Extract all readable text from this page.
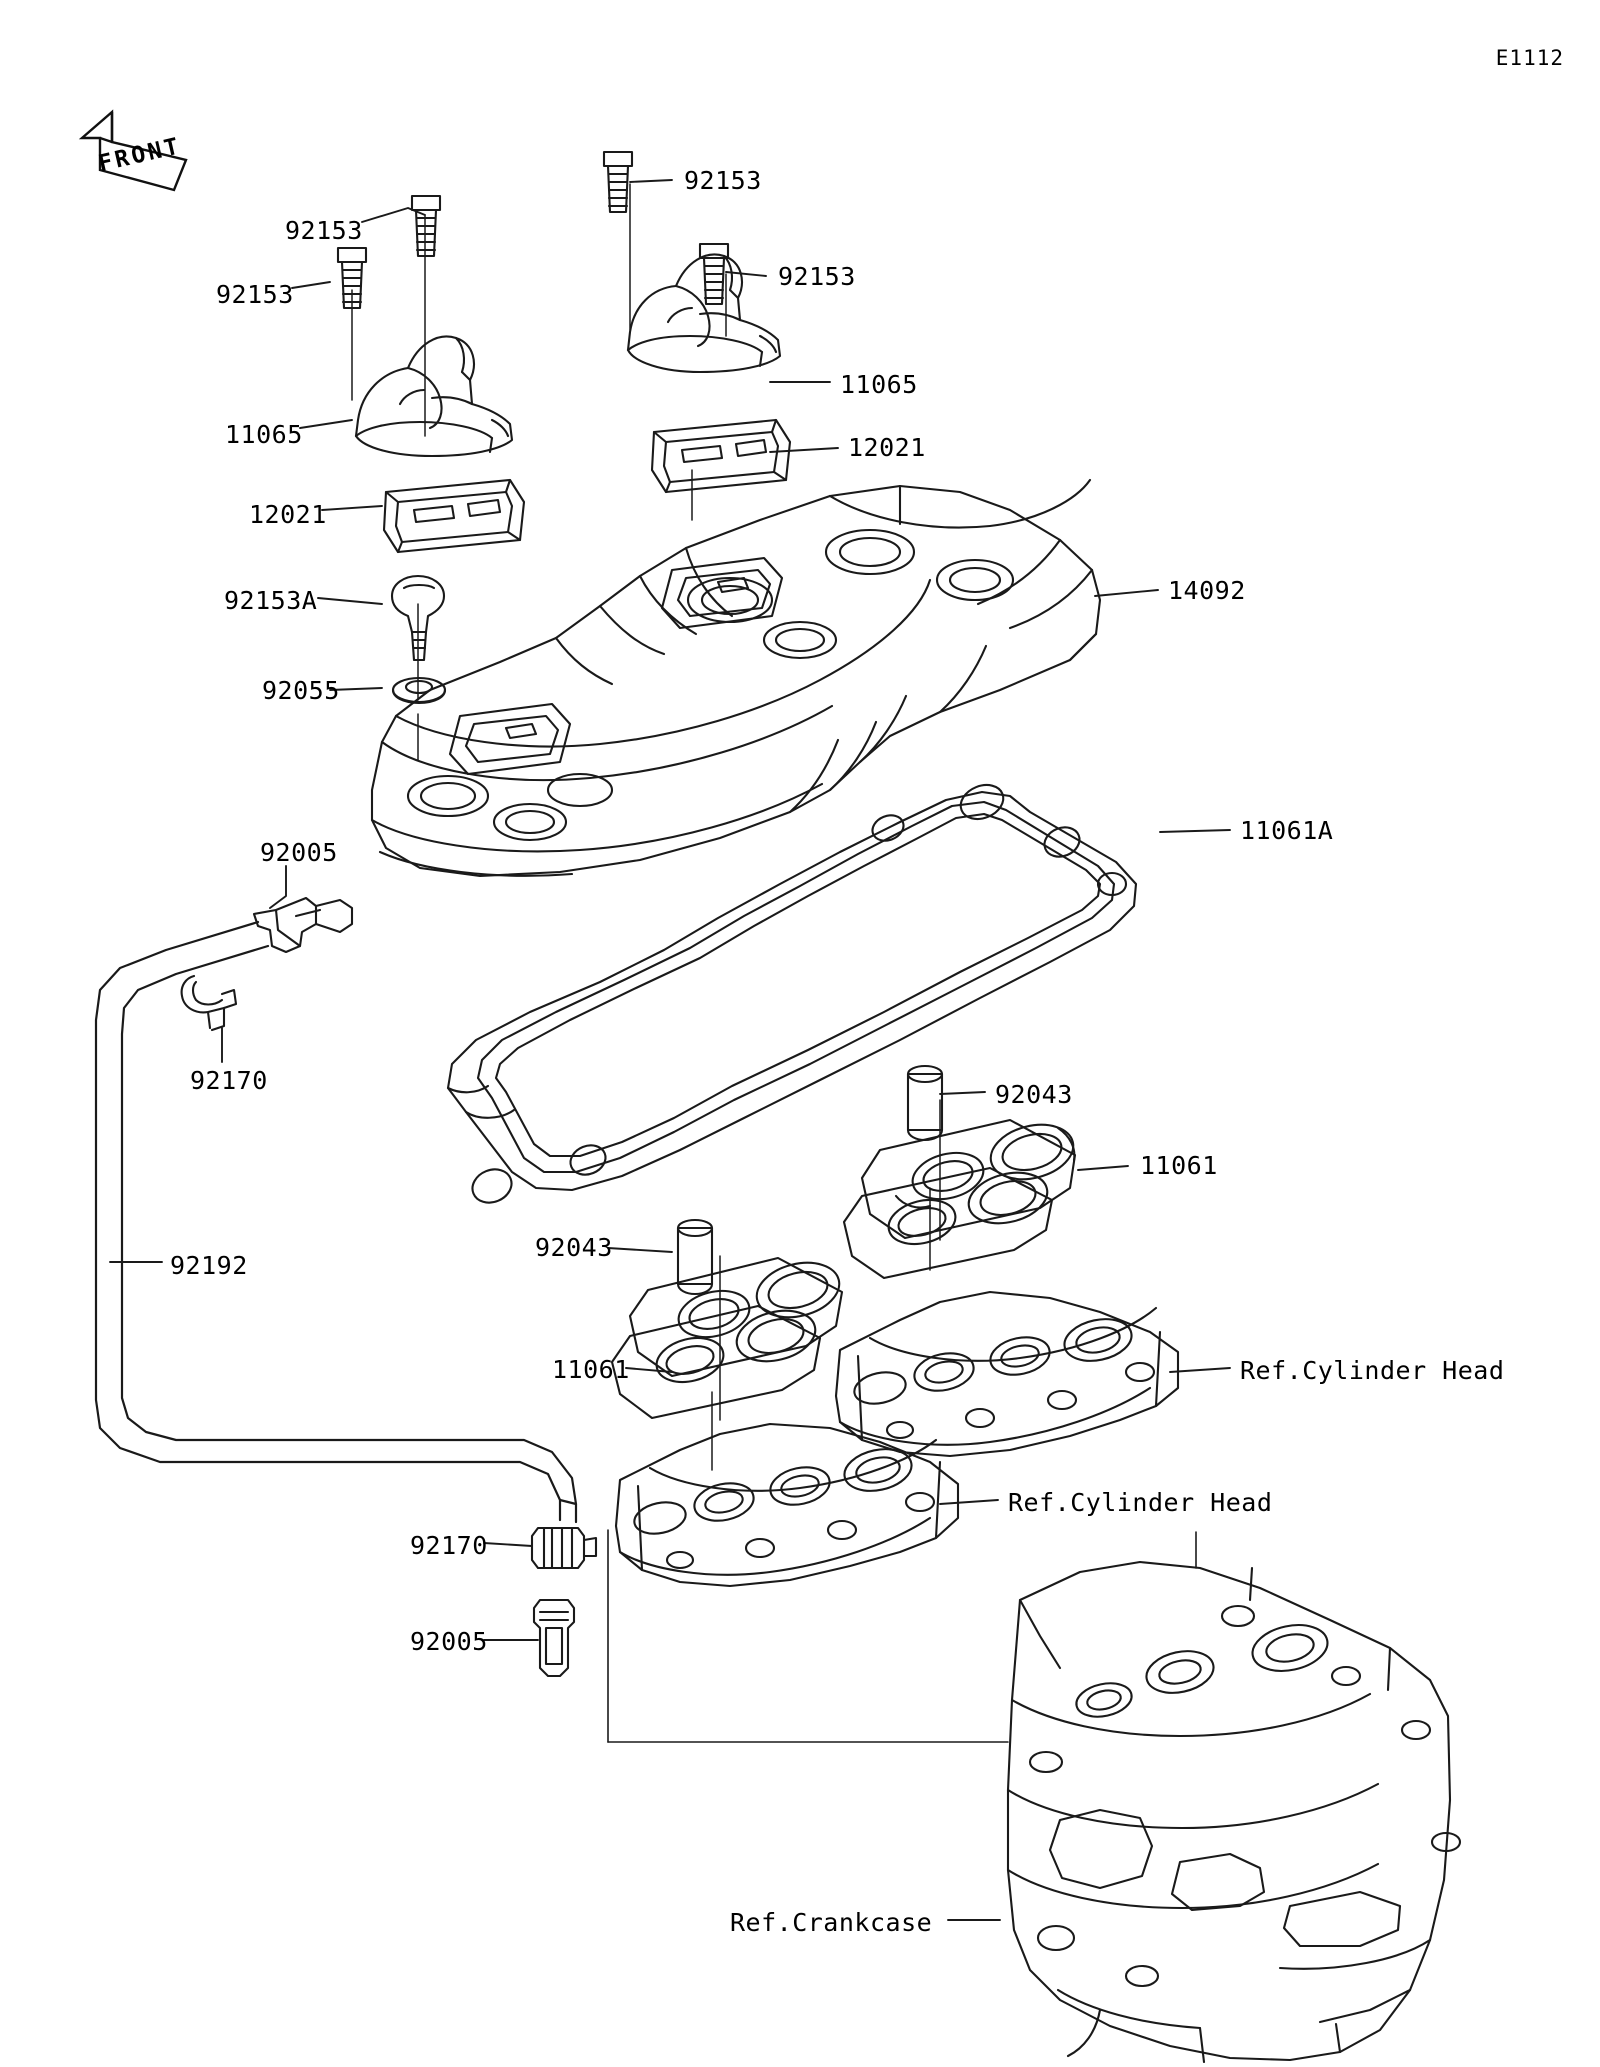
E1112
FRONT
92153
92153
92153
92153
11065
11065	12021
12021
14092
92153A
92055
11061A
92005
92170	92043
11061
92043
92192
11061	Ref.Cylinder Head
Ref.Cylinder Head
92170
92005
Ref.Crankcase
